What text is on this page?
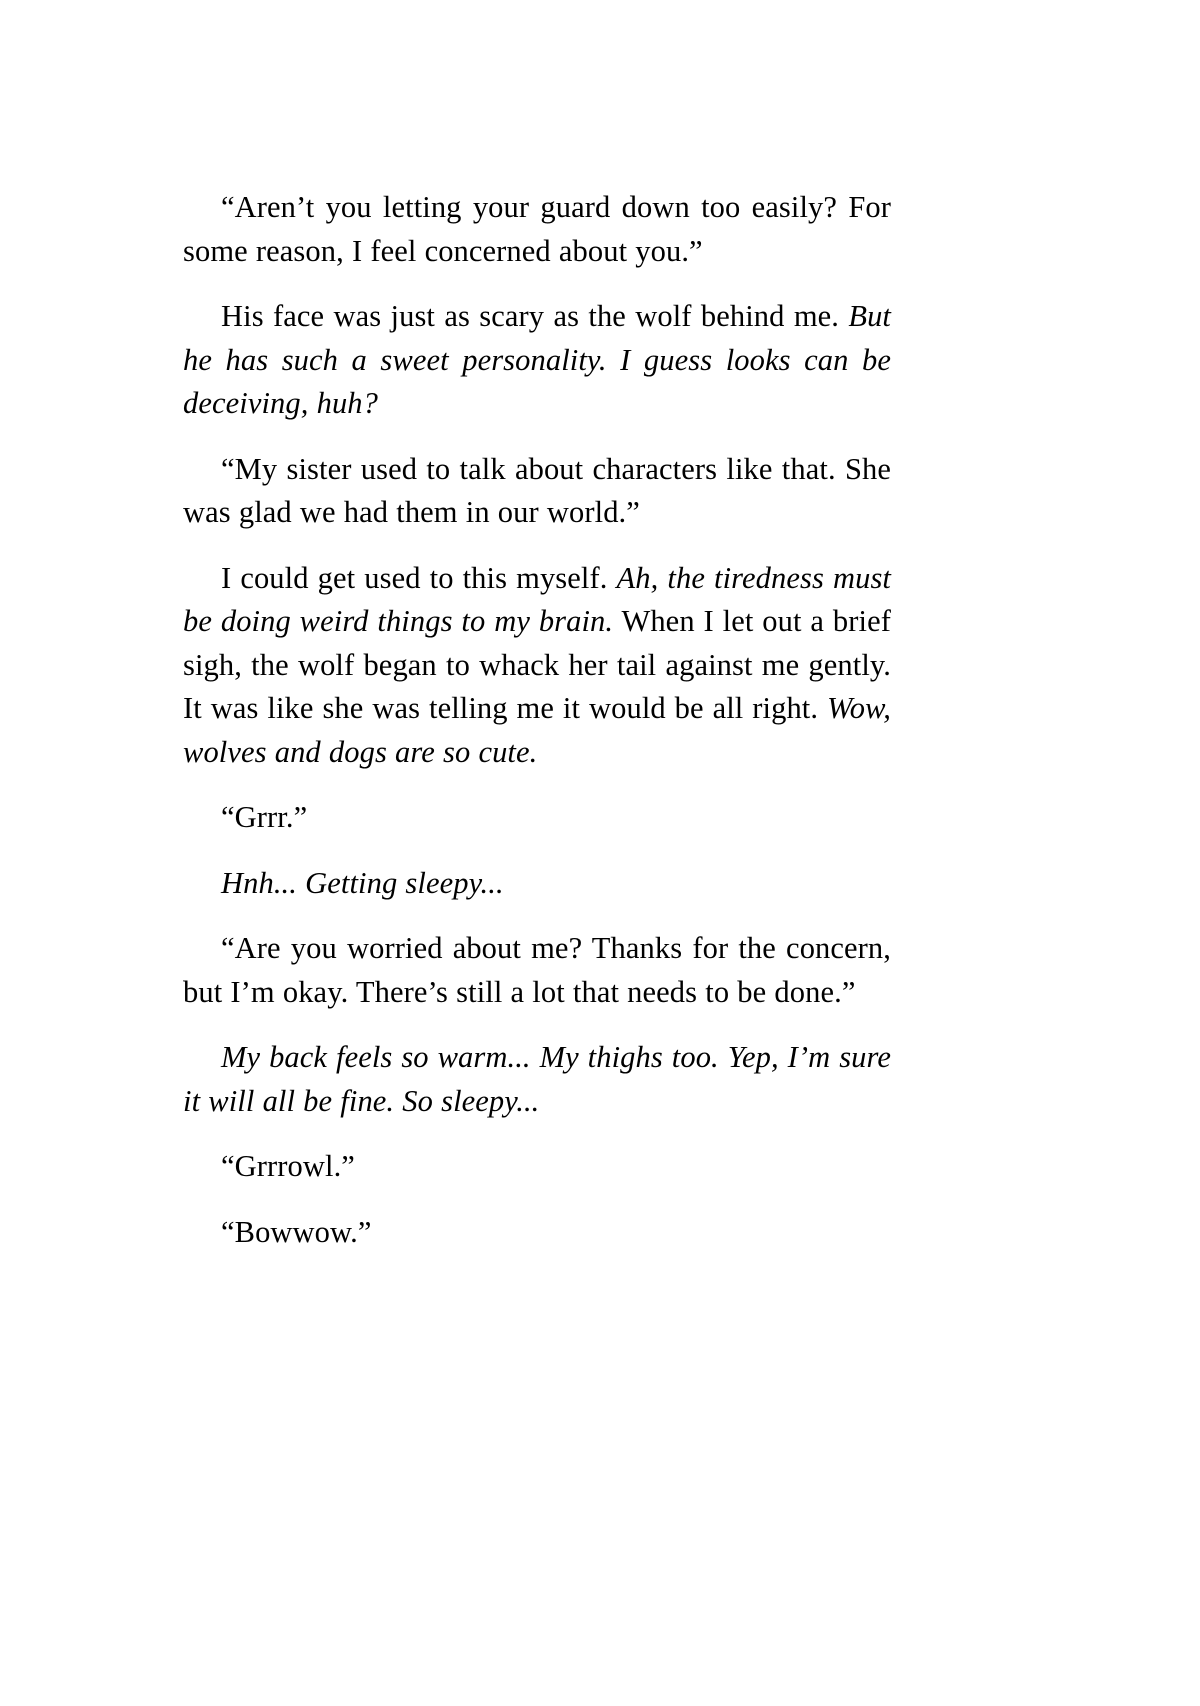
“Aren’t you letting your guard down too easily? For some reason, I feel concerned about you.”

His face was just as scary as the wolf behind me. But he has such a sweet personality. I guess looks can be deceiving, huh?

“My sister used to talk about characters like that. She was glad we had them in our world.”

I could get used to this myself. Ah, the tiredness must be doing weird things to my brain. When I let out a brief sigh, the wolf began to whack her tail against me gently. It was like she was telling me it would be all right. Wow, wolves and dogs are so cute.

“Grrr.”

Hnh... Getting sleepy...

“Are you worried about me? Thanks for the concern, but I’m okay. There’s still a lot that needs to be done.”

My back feels so warm... My thighs too. Yep, I’m sure it will all be fine. So sleepy...

“Grrrowl.”

“Bowwow.”
